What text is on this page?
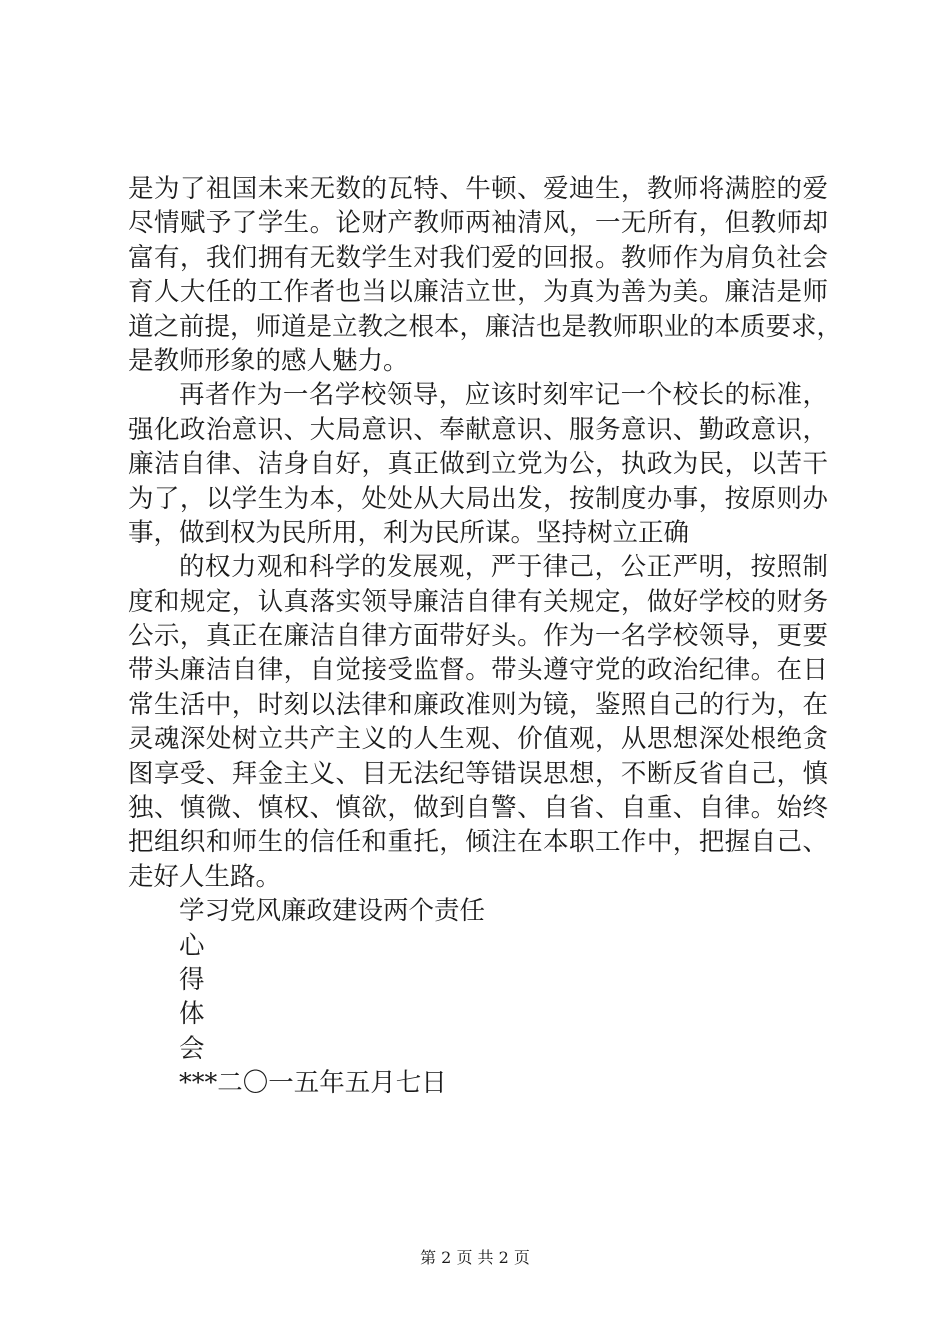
是为了祖国未来无数的瓦特、牛顿、爱迪生，教师将满腔的爱
尽情赋予了学生。论财产教师两袖清风，一无所有，但教师却
富有，我们拥有无数学生对我们爱的回报。教师作为肩负社会
育人大任的工作者也当以廉洁立世，为真为善为美。廉洁是师
道之前提，师道是立教之根本，廉洁也是教师职业的本质要求，
是教师形象的感人魅力。
再者作为一名学校领导，应该时刻牢记一个校长的标准，
强化政治意识、大局意识、奉献意识、服务意识、勤政意识，
廉洁自律、洁身自好，真正做到立党为公，执政为民，以苦干
为了，以学生为本，处处从大局出发，按制度办事，按原则办
事，做到权为民所用，利为民所谋。坚持树立正确
的权力观和科学的发展观，严于律己，公正严明，按照制
度和规定，认真落实领导廉洁自律有关规定，做好学校的财务
公示，真正在廉洁自律方面带好头。作为一名学校领导，更要
带头廉洁自律，自觉接受监督。带头遵守党的政治纪律。在日
常生活中，时刻以法律和廉政准则为镜，鉴照自己的行为，在
灵魂深处树立共产主义的人生观、价值观，从思想深处根绝贪
图享受、拜金主义、目无法纪等错误思想，不断反省自己，慎
独、慎微、慎权、慎欲，做到自警、自省、自重、自律。始终
把组织和师生的信任和重托，倾注在本职工作中，把握自己、
走好人生路。
学习党风廉政建设两个责任
心
得
体
会
***二〇一五年五月七日
第 2 页 共 2 页
